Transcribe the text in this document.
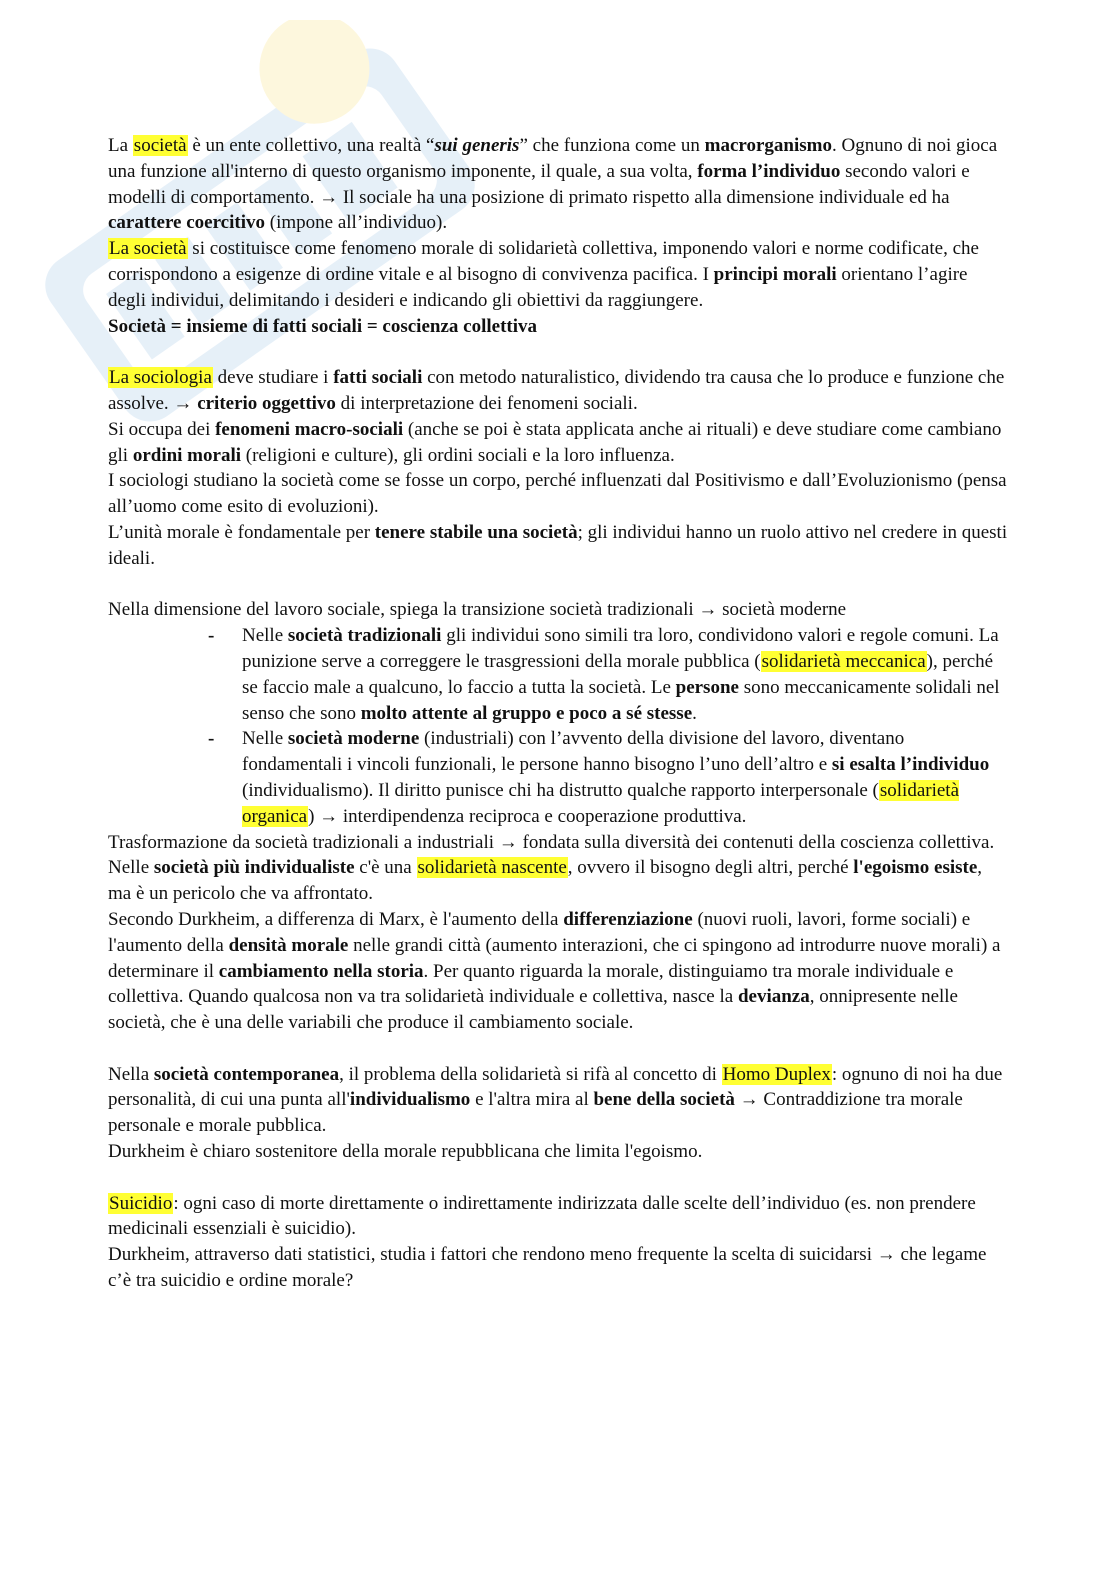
La società è un ente collettivo, una realtà “sui generis” che funziona come un macrorganismo. Ognuno di noi gioca una funzione all'interno di questo organismo imponente, il quale, a sua volta, forma l’individuo secondo valori e modelli di comportamento. → Il sociale ha una posizione di primato rispetto alla dimensione individuale ed ha carattere coercitivo (impone all’individuo).

La società si costituisce come fenomeno morale di solidarietà collettiva, imponendo valori e norme codificate, che corrispondono a esigenze di ordine vitale e al bisogno di convivenza pacifica. I principi morali orientano l’agire degli individui, delimitando i desideri e indicando gli obiettivi da raggiungere.

Società = insieme di fatti sociali = coscienza collettiva

La sociologia deve studiare i fatti sociali con metodo naturalistico, dividendo tra causa che lo produce e funzione che assolve. → criterio oggettivo di interpretazione dei fenomeni sociali.

Si occupa dei fenomeni macro-sociali (anche se poi è stata applicata anche ai rituali) e deve studiare come cambiano gli ordini morali (religioni e culture), gli ordini sociali e la loro influenza.

I sociologi studiano la società come se fosse un corpo, perché influenzati dal Positivismo e dall’Evoluzionismo (pensa all’uomo come esito di evoluzioni).

L’unità morale è fondamentale per tenere stabile una società; gli individui hanno un ruolo attivo nel credere in questi ideali.

Nella dimensione del lavoro sociale, spiega la transizione società tradizionali → società moderne

- Nelle società tradizionali gli individui sono simili tra loro, condividono valori e regole comuni. La punizione serve a correggere le trasgressioni della morale pubblica (solidarietà meccanica), perché se faccio male a qualcuno, lo faccio a tutta la società. Le persone sono meccanicamente solidali nel senso che sono molto attente al gruppo e poco a sé stesse.
- Nelle società moderne (industriali) con l’avvento della divisione del lavoro, diventano fondamentali i vincoli funzionali, le persone hanno bisogno l’uno dell’altro e si esalta l’individuo (individualismo). Il diritto punisce chi ha distrutto qualche rapporto interpersonale (solidarietà organica) → interdipendenza reciproca e cooperazione produttiva.

Trasformazione da società tradizionali a industriali → fondata sulla diversità dei contenuti della coscienza collettiva.

Nelle società più individualiste c'è una solidarietà nascente, ovvero il bisogno degli altri, perché l'egoismo esiste, ma è un pericolo che va affrontato.

Secondo Durkheim, a differenza di Marx, è l'aumento della differenziazione (nuovi ruoli, lavori, forme sociali) e l'aumento della densità morale nelle grandi città (aumento interazioni, che ci spingono ad introdurre nuove morali) a determinare il cambiamento nella storia. Per quanto riguarda la morale, distinguiamo tra morale individuale e collettiva. Quando qualcosa non va tra solidarietà individuale e collettiva, nasce la devianza, onnipresente nelle società, che è una delle variabili che produce il cambiamento sociale.

Nella società contemporanea, il problema della solidarietà si rifà al concetto di Homo Duplex: ognuno di noi ha due personalità, di cui una punta all'individualismo e l'altra mira al bene della società → Contraddizione tra morale personale e morale pubblica.

Durkheim è chiaro sostenitore della morale repubblicana che limita l'egoismo.

Suicidio: ogni caso di morte direttamente o indirettamente indirizzata dalle scelte dell’individuo (es. non prendere medicinali essenziali è suicidio).

Durkheim, attraverso dati statistici, studia i fattori che rendono meno frequente la scelta di suicidarsi → che legame c’è tra suicidio e ordine morale?
